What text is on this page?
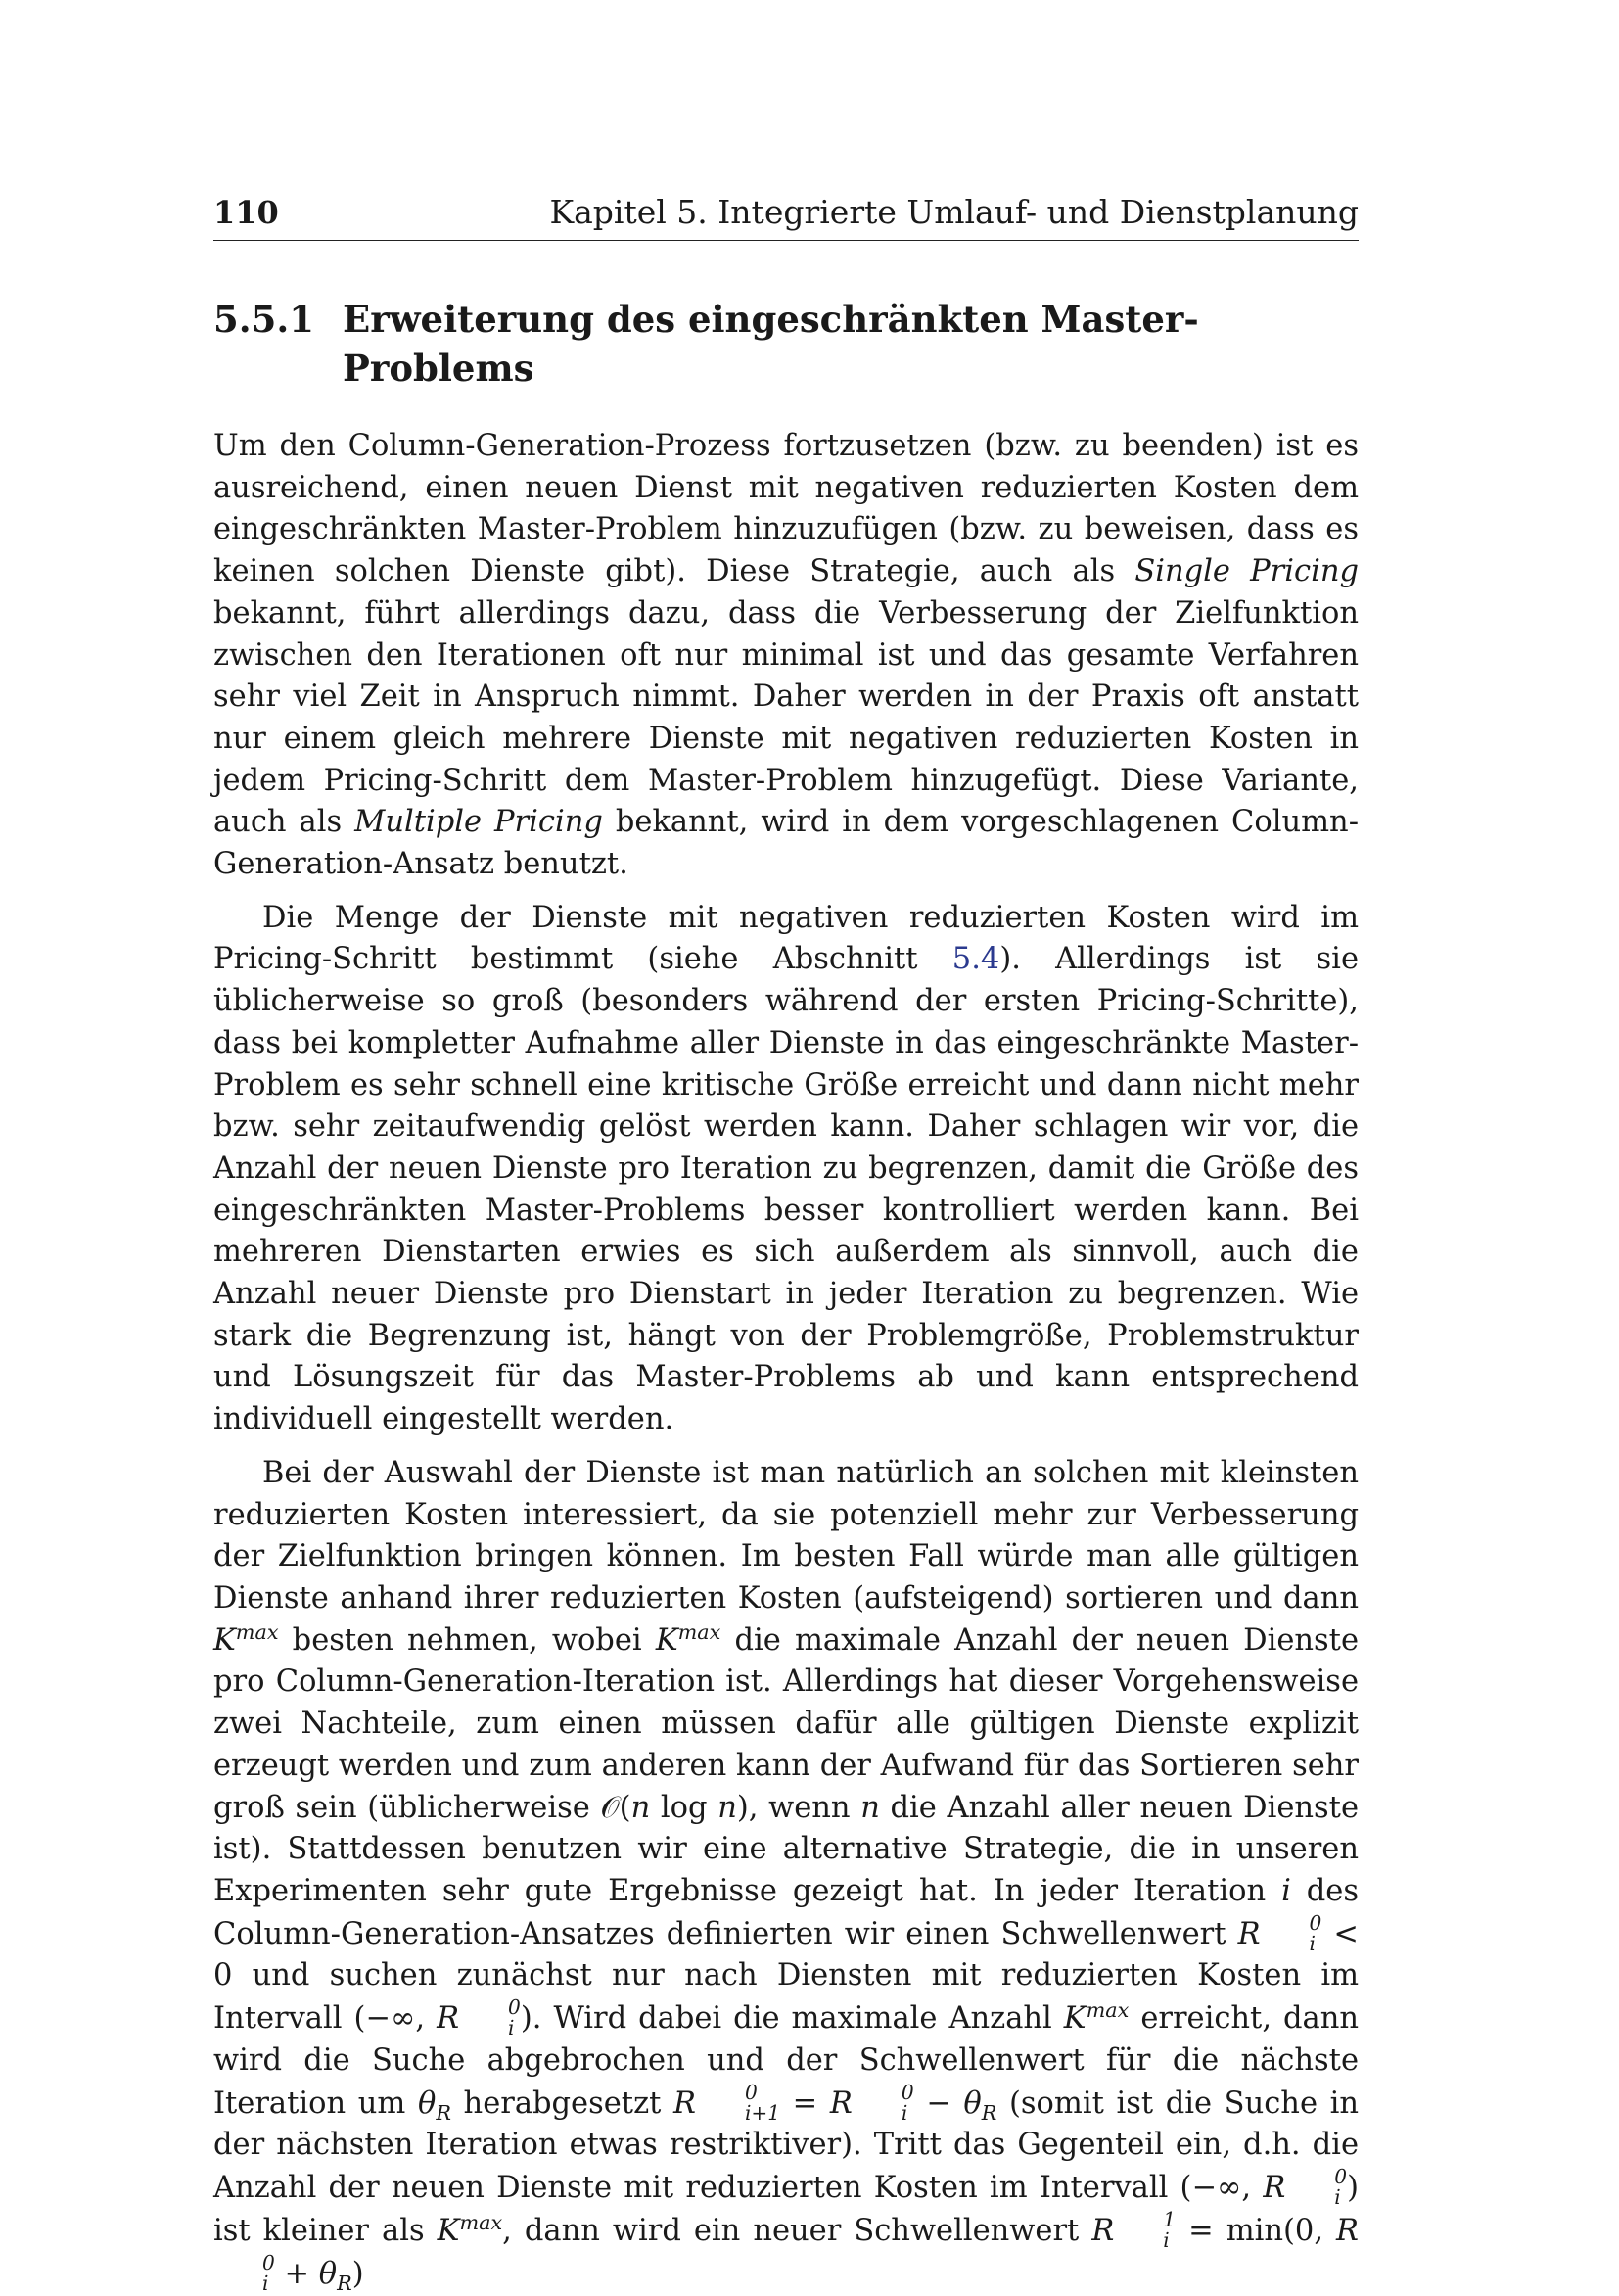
110	Kapitel 5. Integrierte Umlauf- und Dienstplanung
5.5.1 Erweiterung des eingeschränkten Master-Problems

Um den Column-Generation-Prozess fortzusetzen (bzw. zu beenden) ist es ausreichend, einen neuen Dienst mit negativen reduzierten Kosten dem eingeschränkten Master-Problem hinzuzufügen (bzw. zu beweisen, dass es keinen solchen Dienste gibt). Diese Strategie, auch als Single Pricing bekannt, führt allerdings dazu, dass die Verbesserung der Zielfunktion zwischen den Iterationen oft nur minimal ist und das gesamte Verfahren sehr viel Zeit in Anspruch nimmt. Daher werden in der Praxis oft anstatt nur einem gleich mehrere Dienste mit negativen reduzierten Kosten in jedem Pricing-Schritt dem Master-Problem hinzugefügt. Diese Variante, auch als Multiple Pricing bekannt, wird in dem vorgeschlagenen Column-Generation-Ansatz benutzt.

Die Menge der Dienste mit negativen reduzierten Kosten wird im Pricing-Schritt bestimmt (siehe Abschnitt 5.4). Allerdings ist sie üblicherweise so groß (besonders während der ersten Pricing-Schritte), dass bei kompletter Aufnahme aller Dienste in das eingeschränkte Master-Problem es sehr schnell eine kritische Größe erreicht und dann nicht mehr bzw. sehr zeitaufwendig gelöst werden kann. Daher schlagen wir vor, die Anzahl der neuen Dienste pro Iteration zu begrenzen, damit die Größe des eingeschränkten Master-Problems besser kontrolliert werden kann. Bei mehreren Dienstarten erwies es sich außerdem als sinnvoll, auch die Anzahl neuer Dienste pro Dienstart in jeder Iteration zu begrenzen. Wie stark die Begrenzung ist, hängt von der Problemgröße, Problemstruktur und Lösungszeit für das Master-Problems ab und kann entsprechend individuell eingestellt werden.

Bei der Auswahl der Dienste ist man natürlich an solchen mit kleinsten reduzierten Kosten interessiert, da sie potenziell mehr zur Verbesserung der Zielfunktion bringen können. Im besten Fall würde man alle gültigen Dienste anhand ihrer reduzierten Kosten (aufsteigend) sortieren und dann $K^{max}$ besten nehmen, wobei $K^{max}$ die maximale Anzahl der neuen Dienste pro Column-Generation-Iteration ist. Allerdings hat dieser Vorgehensweise zwei Nachteile, zum einen müssen dafür alle gültigen Dienste explizit erzeugt werden und zum anderen kann der Aufwand für das Sortieren sehr groß sein (üblicherweise 𝒪(n log n), wenn n die Anzahl aller neuen Dienste ist). Stattdessen benutzen wir eine alternative Strategie, die in unseren Experimenten sehr gute Ergebnisse gezeigt hat. In jeder Iteration i des Column-Generation-Ansatzes definierten wir einen Schwellenwert R	0
i < 0 und suchen zunächst nur nach Diensten mit reduzierten Kosten im Intervall (−∞, R	0
i ). Wird dabei die maximale Anzahl $K^{max}$ erreicht, dann wird die Suche abgebrochen und der Schwellenwert für die nächste Iteration um $\theta_R$ herabgesetzt R	0
i+1 = R	0
$i - \theta_R$ (somit ist die Suche in der nächsten Iteration etwas restriktiver). Tritt das Gegenteil ein, d.h. die Anzahl der neuen Dienste mit reduzierten Kosten im Intervall (−∞, R	0
i ) ist kleiner als $K^{max}$, dann wird ein neuer Schwellenwert R	1
i = min(0, R
0
$i + \theta_R$)
